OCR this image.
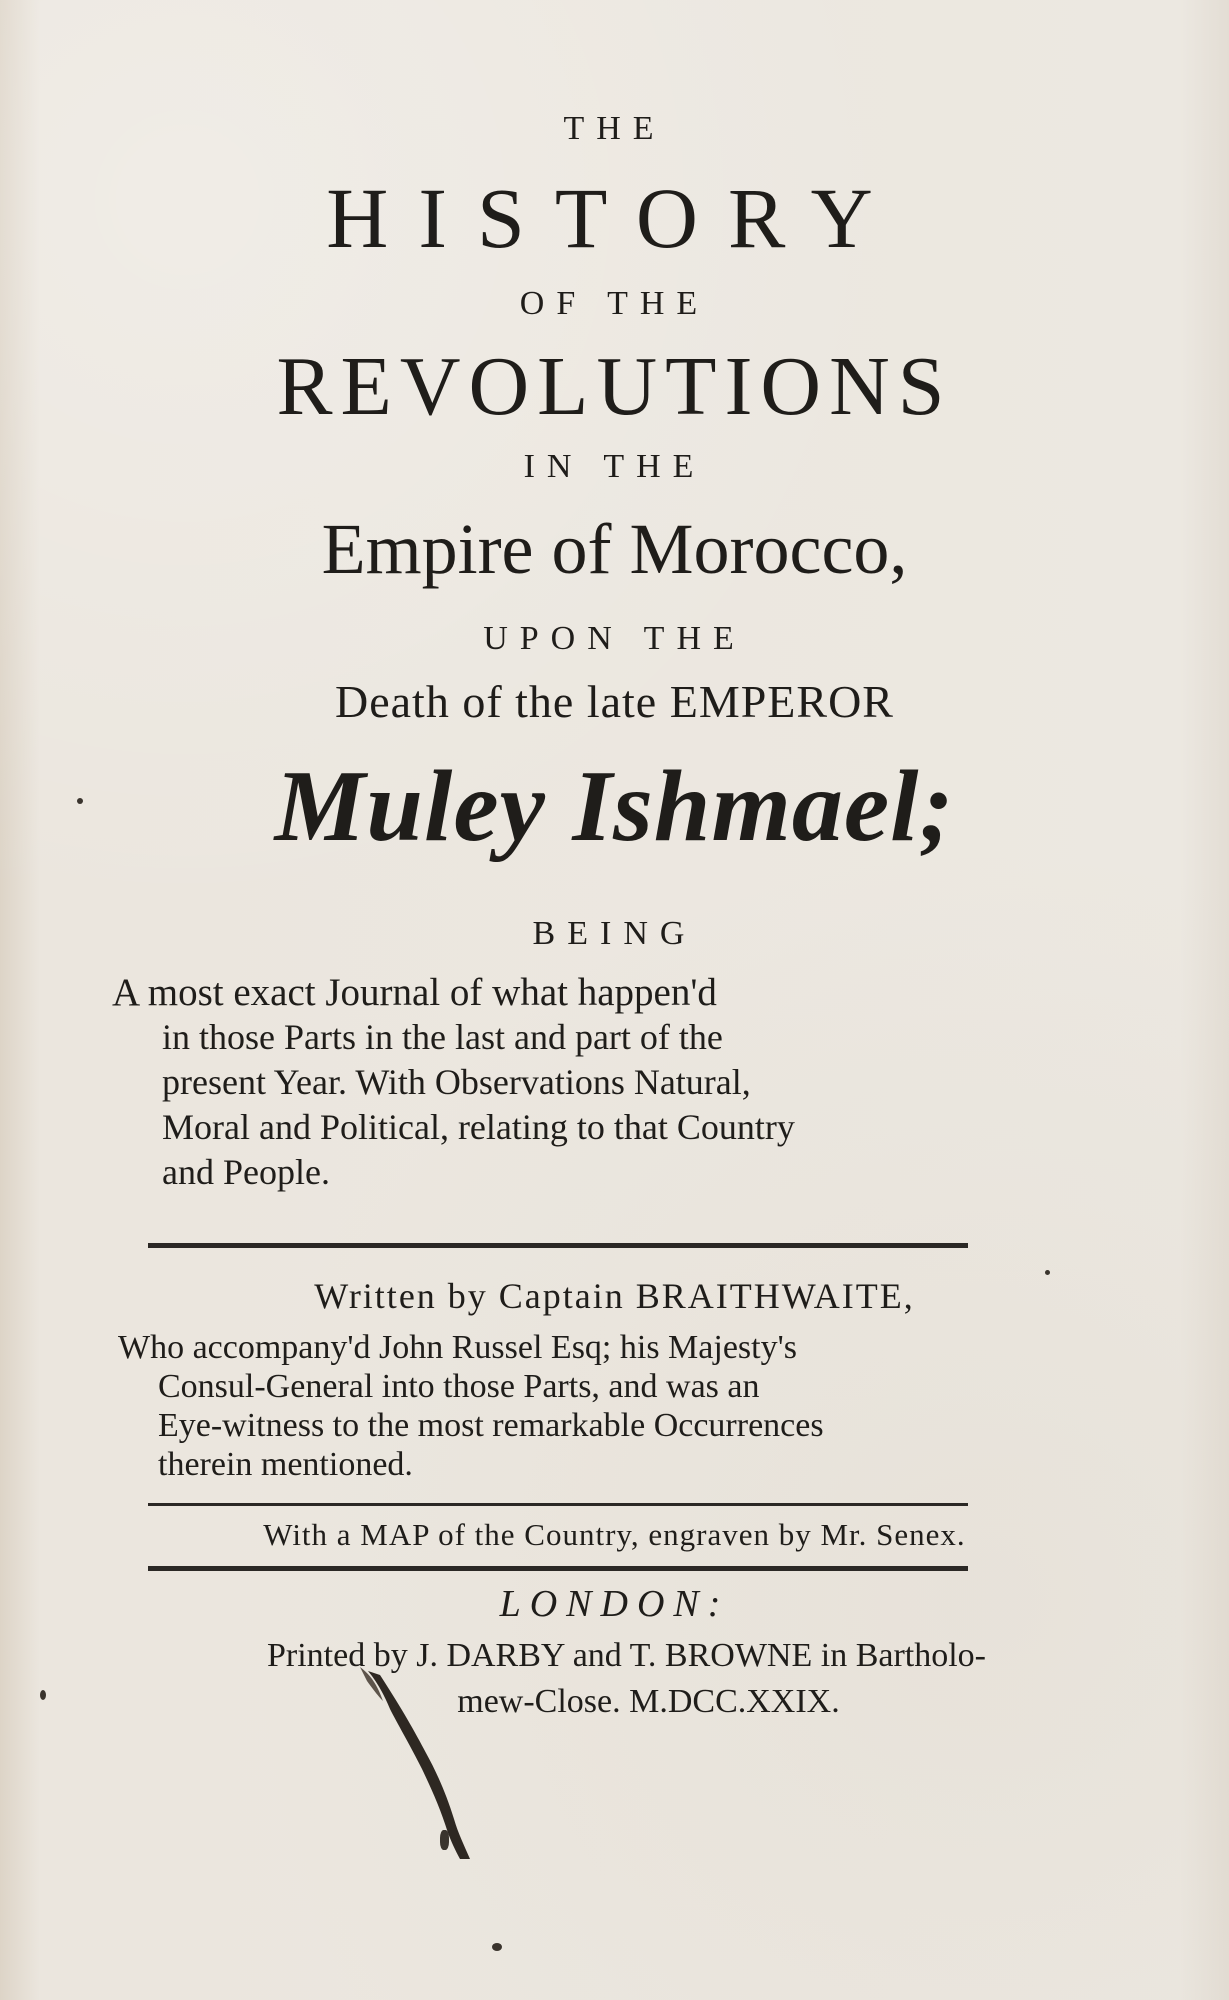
THE
HISTORY
OF THE
REVOLUTIONS
IN THE
Empire of Morocco,
UPON THE
Death of the late EMPEROR
Muley Ishmael;
BEING
A most exact Journal of what happen'd
in those Parts in the last and part of the
present Year. With Observations Natural,
Moral and Political, relating to that Country
and People.
Written by Captain BRAITHWAITE,
Who accompany'd John Russel Esq; his Majesty's
Consul-General into those Parts, and was an
Eye-witness to the most remarkable Occurrences
therein mentioned.
With a MAP of the Country, engraven by Mr. Senex.
LONDON:
Printed by J. DARBY and T. BROWNE in Bartholo-
mew-Close. M.DCC.XXIX.
